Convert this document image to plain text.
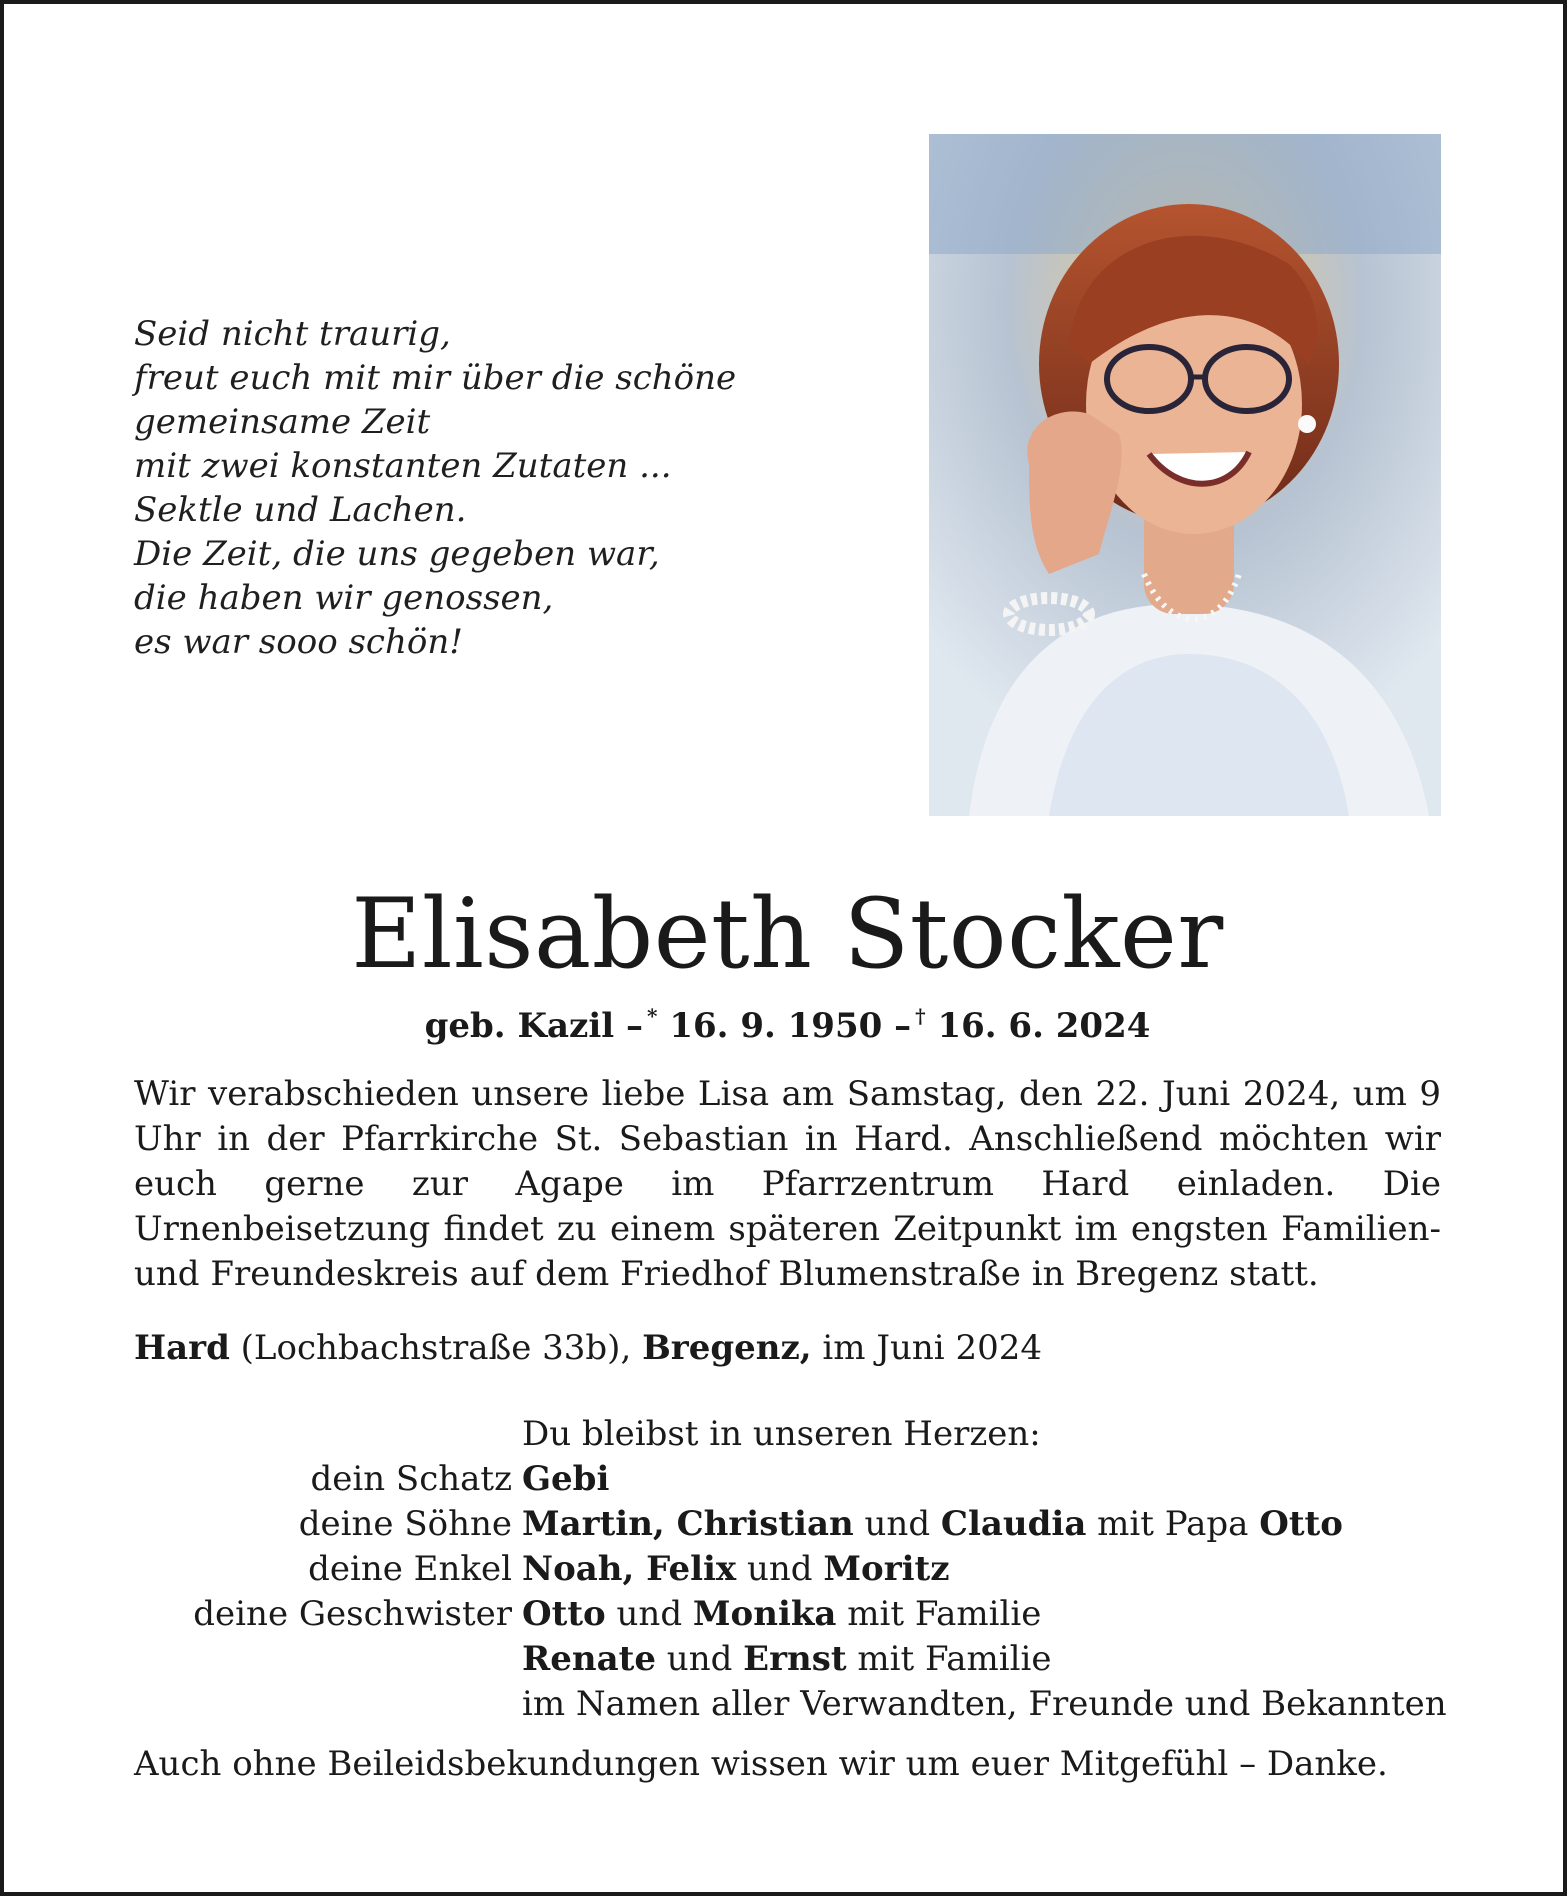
Seid nicht traurig,
freut euch mit mir über die schöne
gemeinsame Zeit
mit zwei konstanten Zutaten ...
Sektle und Lachen.
Die Zeit, die uns gegeben war,
die haben wir genossen,
es war sooo schön!
Elisabeth Stocker
geb. Kazil – * 16. 9. 1950 – † 16. 6. 2024
Wir verabschieden unsere liebe Lisa am Samstag, den 22. Juni 2024, um 9 Uhr in der Pfarrkirche St. Sebastian in Hard. Anschließend möchten wir euch gerne zur Agape im Pfarrzentrum Hard einladen. Die Urnenbeisetzung findet zu einem späteren Zeitpunkt im engsten Familien- und Freundeskreis auf dem Friedhof Blumenstraße in Bregenz statt.
Hard (Lochbachstraße 33b), Bregenz, im Juni 2024
Du bleibst in unseren Herzen:
dein Schatz Gebi
deine Söhne Martin, Christian und Claudia mit Papa Otto
deine Enkel Noah, Felix und Moritz
deine Geschwister Otto und Monika mit Familie
Renate und Ernst mit Familie
im Namen aller Verwandten, Freunde und Bekannten
Auch ohne Beileidsbekundungen wissen wir um euer Mitgefühl – Danke.
